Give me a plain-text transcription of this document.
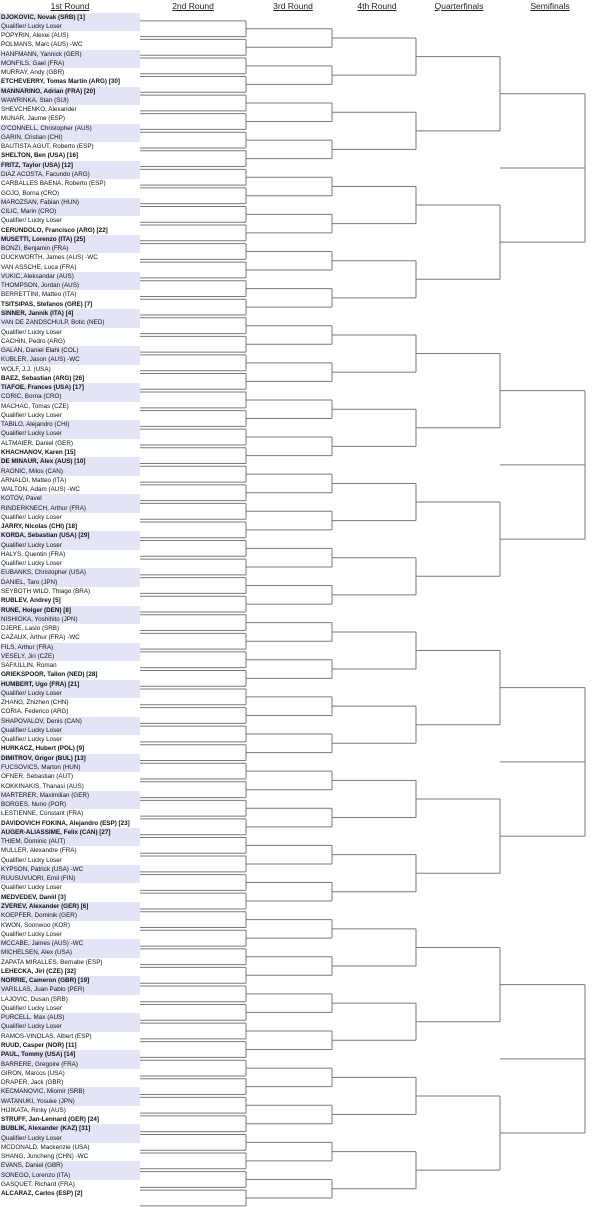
1st Round	2nd Round	3rd Round	4th Round	Quarterfinals	Semifinals
DJOKOVIC, Novak (SRB) [1]
Qualifier/ Lucky Loser
POPYRIN, Alexei (AUS)
POLMANS, Marc (AUS) -WC
HANFMANN, Yannick (GER)
MONFILS, Gael (FRA)
MURRAY, Andy (GBR)
ETCHEVERRY, Tomas Martin (ARG) [30]
MANNARINO, Adrian (FRA) [20]
WAWRINKA, Stan (SUI)
SHEVCHENKO, Alexander
MUNAR, Jaume (ESP)
O'CONNELL, Christopher (AUS)
GARIN, Cristian (CHI)
BAUTISTA AGUT, Roberto (ESP)
SHELTON, Ben (USA) [16]
FRITZ, Taylor (USA) [12]
DIAZ ACOSTA, Facundo (ARG)
CARBALLES BAENA, Roberto (ESP)
GOJO, Borna (CRO)
MAROZSAN, Fabian (HUN)
CILIC, Marin (CRO)
Qualifier/ Lucky Loser
CERUNDOLO, Francisco (ARG) [22]
MUSETTI, Lorenzo (ITA) [25]
BONZI, Benjamin (FRA)
DUCKWORTH, James (AUS) -WC
VAN ASSCHE, Luca (FRA)
VUKIC, Aleksandar (AUS)
THOMPSON, Jordan (AUS)
BERRETTINI, Matteo (ITA)
TSITSIPAS, Stefanos (GRE) [7]
SINNER, Jannik (ITA) [4]
VAN DE ZANDSCHULP, Botic (NED)
Qualifier/ Lucky Loser
CACHIN, Pedro (ARG)
GALAN, Daniel Elahi (COL)
KUBLER, Jason (AUS) -WC
WOLF, J.J. (USA)
BAEZ, Sebastian (ARG) [26]
TIAFOE, Frances (USA) [17]
CORIC, Borna (CRO)
MACHAC, Tomas (CZE)
Qualifier/ Lucky Loser
TABILO, Alejandro (CHI)
Qualifier/ Lucky Loser
ALTMAIER, Daniel (GER)
KHACHANOV, Karen [15]
DE MINAUR, Alex (AUS) [10]
RAONIC, Milos (CAN)
ARNALDI, Matteo (ITA)
WALTON, Adam (AUS) -WC
KOTOV, Pavel
RINDERKNECH, Arthur (FRA)
Qualifier/ Lucky Loser
JARRY, Nicolas (CHI) [18]
KORDA, Sebastian (USA) [29]
Qualifier/ Lucky Loser
HALYS, Quentin (FRA)
Qualifier/ Lucky Loser
EUBANKS, Christopher (USA)
DANIEL, Taro (JPN)
SEYBOTH WILD, Thiago (BRA)
RUBLEV, Andrey [5]
RUNE, Holger (DEN) [8]
NISHIOKA, Yoshihito (JPN)
DJERE, Laslo (SRB)
CAZAUX, Arthur (FRA) -WC
FILS, Arthur (FRA)
VESELY, Jiri (CZE)
SAFIULLIN, Roman
GRIEKSPOOR, Tallon (NED) [28]
HUMBERT, Ugo (FRA) [21]
Qualifier/ Lucky Loser
ZHANG, Zhizhen (CHN)
CORIA, Federico (ARG)
SHAPOVALOV, Denis (CAN)
Qualifier/ Lucky Loser
Qualifier/ Lucky Loser
HURKACZ, Hubert (POL) [9]
DIMITROV, Grigor (BUL) [13]
FUCSOVICS, Marton (HUN)
OFNER, Sebastian (AUT)
KOKKINAKIS, Thanasi (AUS)
MARTERER, Maximilian (GER)
BORGES, Nuno (POR)
LESTIENNE, Constant (FRA)
DAVIDOVICH FOKINA, Alejandro (ESP) [23]
AUGER-ALIASSIME, Felix (CAN) [27]
THIEM, Dominic (AUT)
MULLER, Alexandre (FRA)
Qualifier/ Lucky Loser
KYPSON, Patrick (USA) -WC
RUUSUVUORI, Emil (FIN)
Qualifier/ Lucky Loser
MEDVEDEV, Daniil [3]
ZVEREV, Alexander (GER) [6]
KOEPFER, Dominik (GER)
KWON, Soonwoo (KOR)
Qualifier/ Lucky Loser
MCCABE, James (AUS) -WC
MICHELSEN, Alex (USA)
ZAPATA MIRALLES, Bernabe (ESP)
LEHECKA, Jiri (CZE) [32]
NORRIE, Cameron (GBR) [19]
VARILLAS, Juan Pablo (PER)
LAJOVIC, Dusan (SRB)
Qualifier/ Lucky Loser
PURCELL, Max (AUS)
Qualifier/ Lucky Loser
RAMOS-VINOLAS, Albert (ESP)
RUUD, Casper (NOR) [11]
PAUL, Tommy (USA) [14]
BARRERE, Gregoire (FRA)
GIRON, Marcos (USA)
DRAPER, Jack (GBR)
KECMANOVIC, Miomir (SRB)
WATANUKI, Yosuke (JPN)
HIJIKATA, Rinky (AUS)
STRUFF, Jan-Lennard (GER) [24]
BUBLIK, Alexander (KAZ) [31]
Qualifier/ Lucky Loser
MCDONALD, Mackenzie (USA)
SHANG, Juncheng (CHN) -WC
EVANS, Daniel (GBR)
SONEGO, Lorenzo (ITA)
GASQUET, Richard (FRA)
ALCARAZ, Carlos (ESP) [2]
